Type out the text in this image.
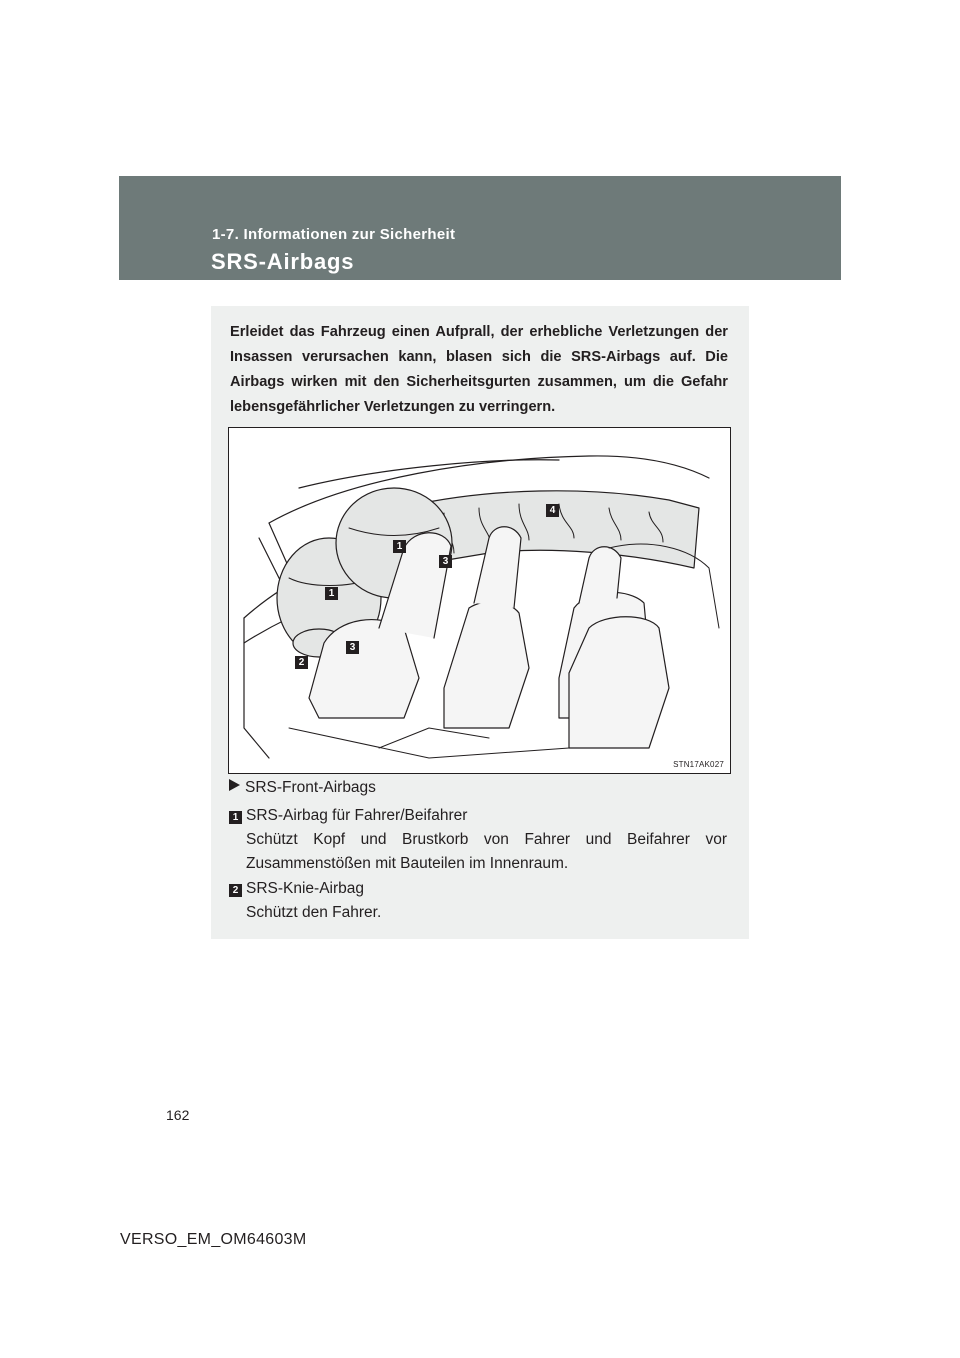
1-7. Informationen zur Sicherheit
SRS-Airbags
Erleidet das Fahrzeug einen Aufprall, der erhebliche Verletzungen der Insassen verursachen kann, blasen sich die SRS-Airbags auf. Die Airbags wirken mit den Sicherheitsgurten zusammen, um die Gefahr lebensgefährlicher Verletzungen zu verringern.
1
3
1
3
2
4
STN17AK027
SRS-Front-Airbags
1 SRS-Airbag für Fahrer/Beifahrer
Schützt Kopf und Brustkorb von Fahrer und Beifahrer vor Zusammenstößen mit Bauteilen im Innenraum.
2 SRS-Knie-Airbag
Schützt den Fahrer.
162
VERSO_EM_OM64603M
